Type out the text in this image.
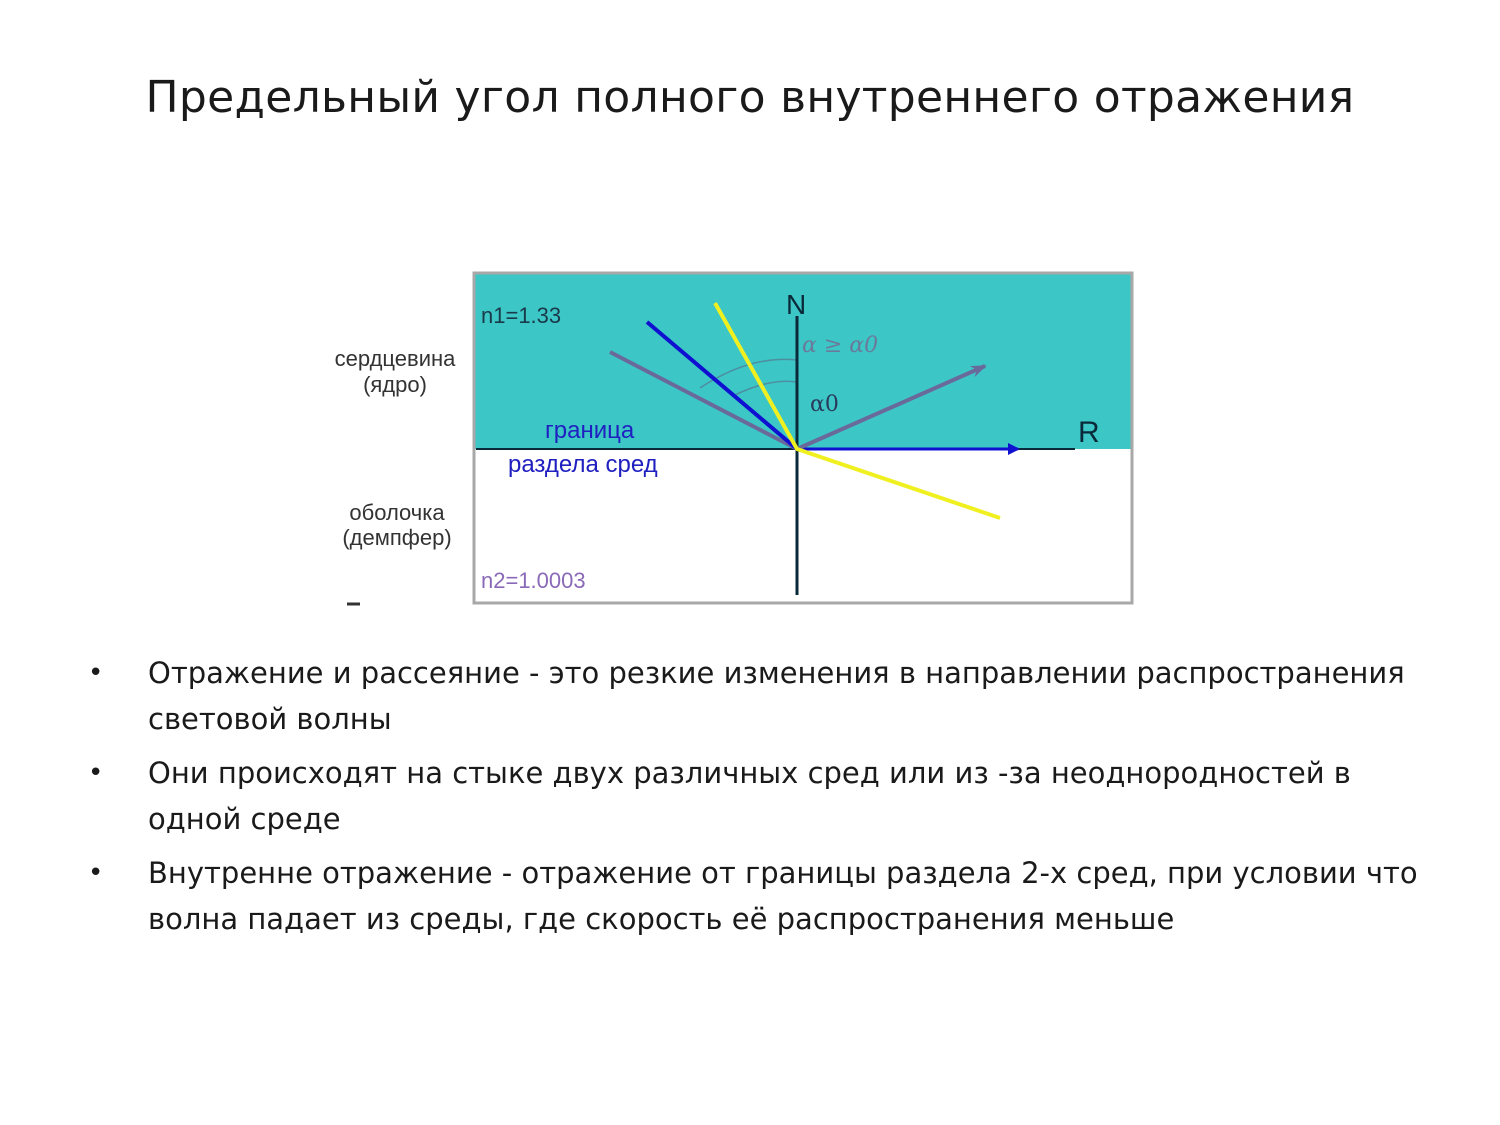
Предельный угол полного внутреннего отражения
N
R
n1=1.33
n2=1.0003
α ≥ α0
α0
граница
раздела сред
сердцевина
(ядро)
оболочка
(демпфер)
• Отражение и рассеяние - это резкие изменения в направлении распространения световой волны
• Они происходят на стыке двух различных сред или из -за неоднородностей в одной среде
• Внутренне отражение - отражение от границы раздела 2-х сред, при условии что волна падает из среды, где скорость её распространения меньше
